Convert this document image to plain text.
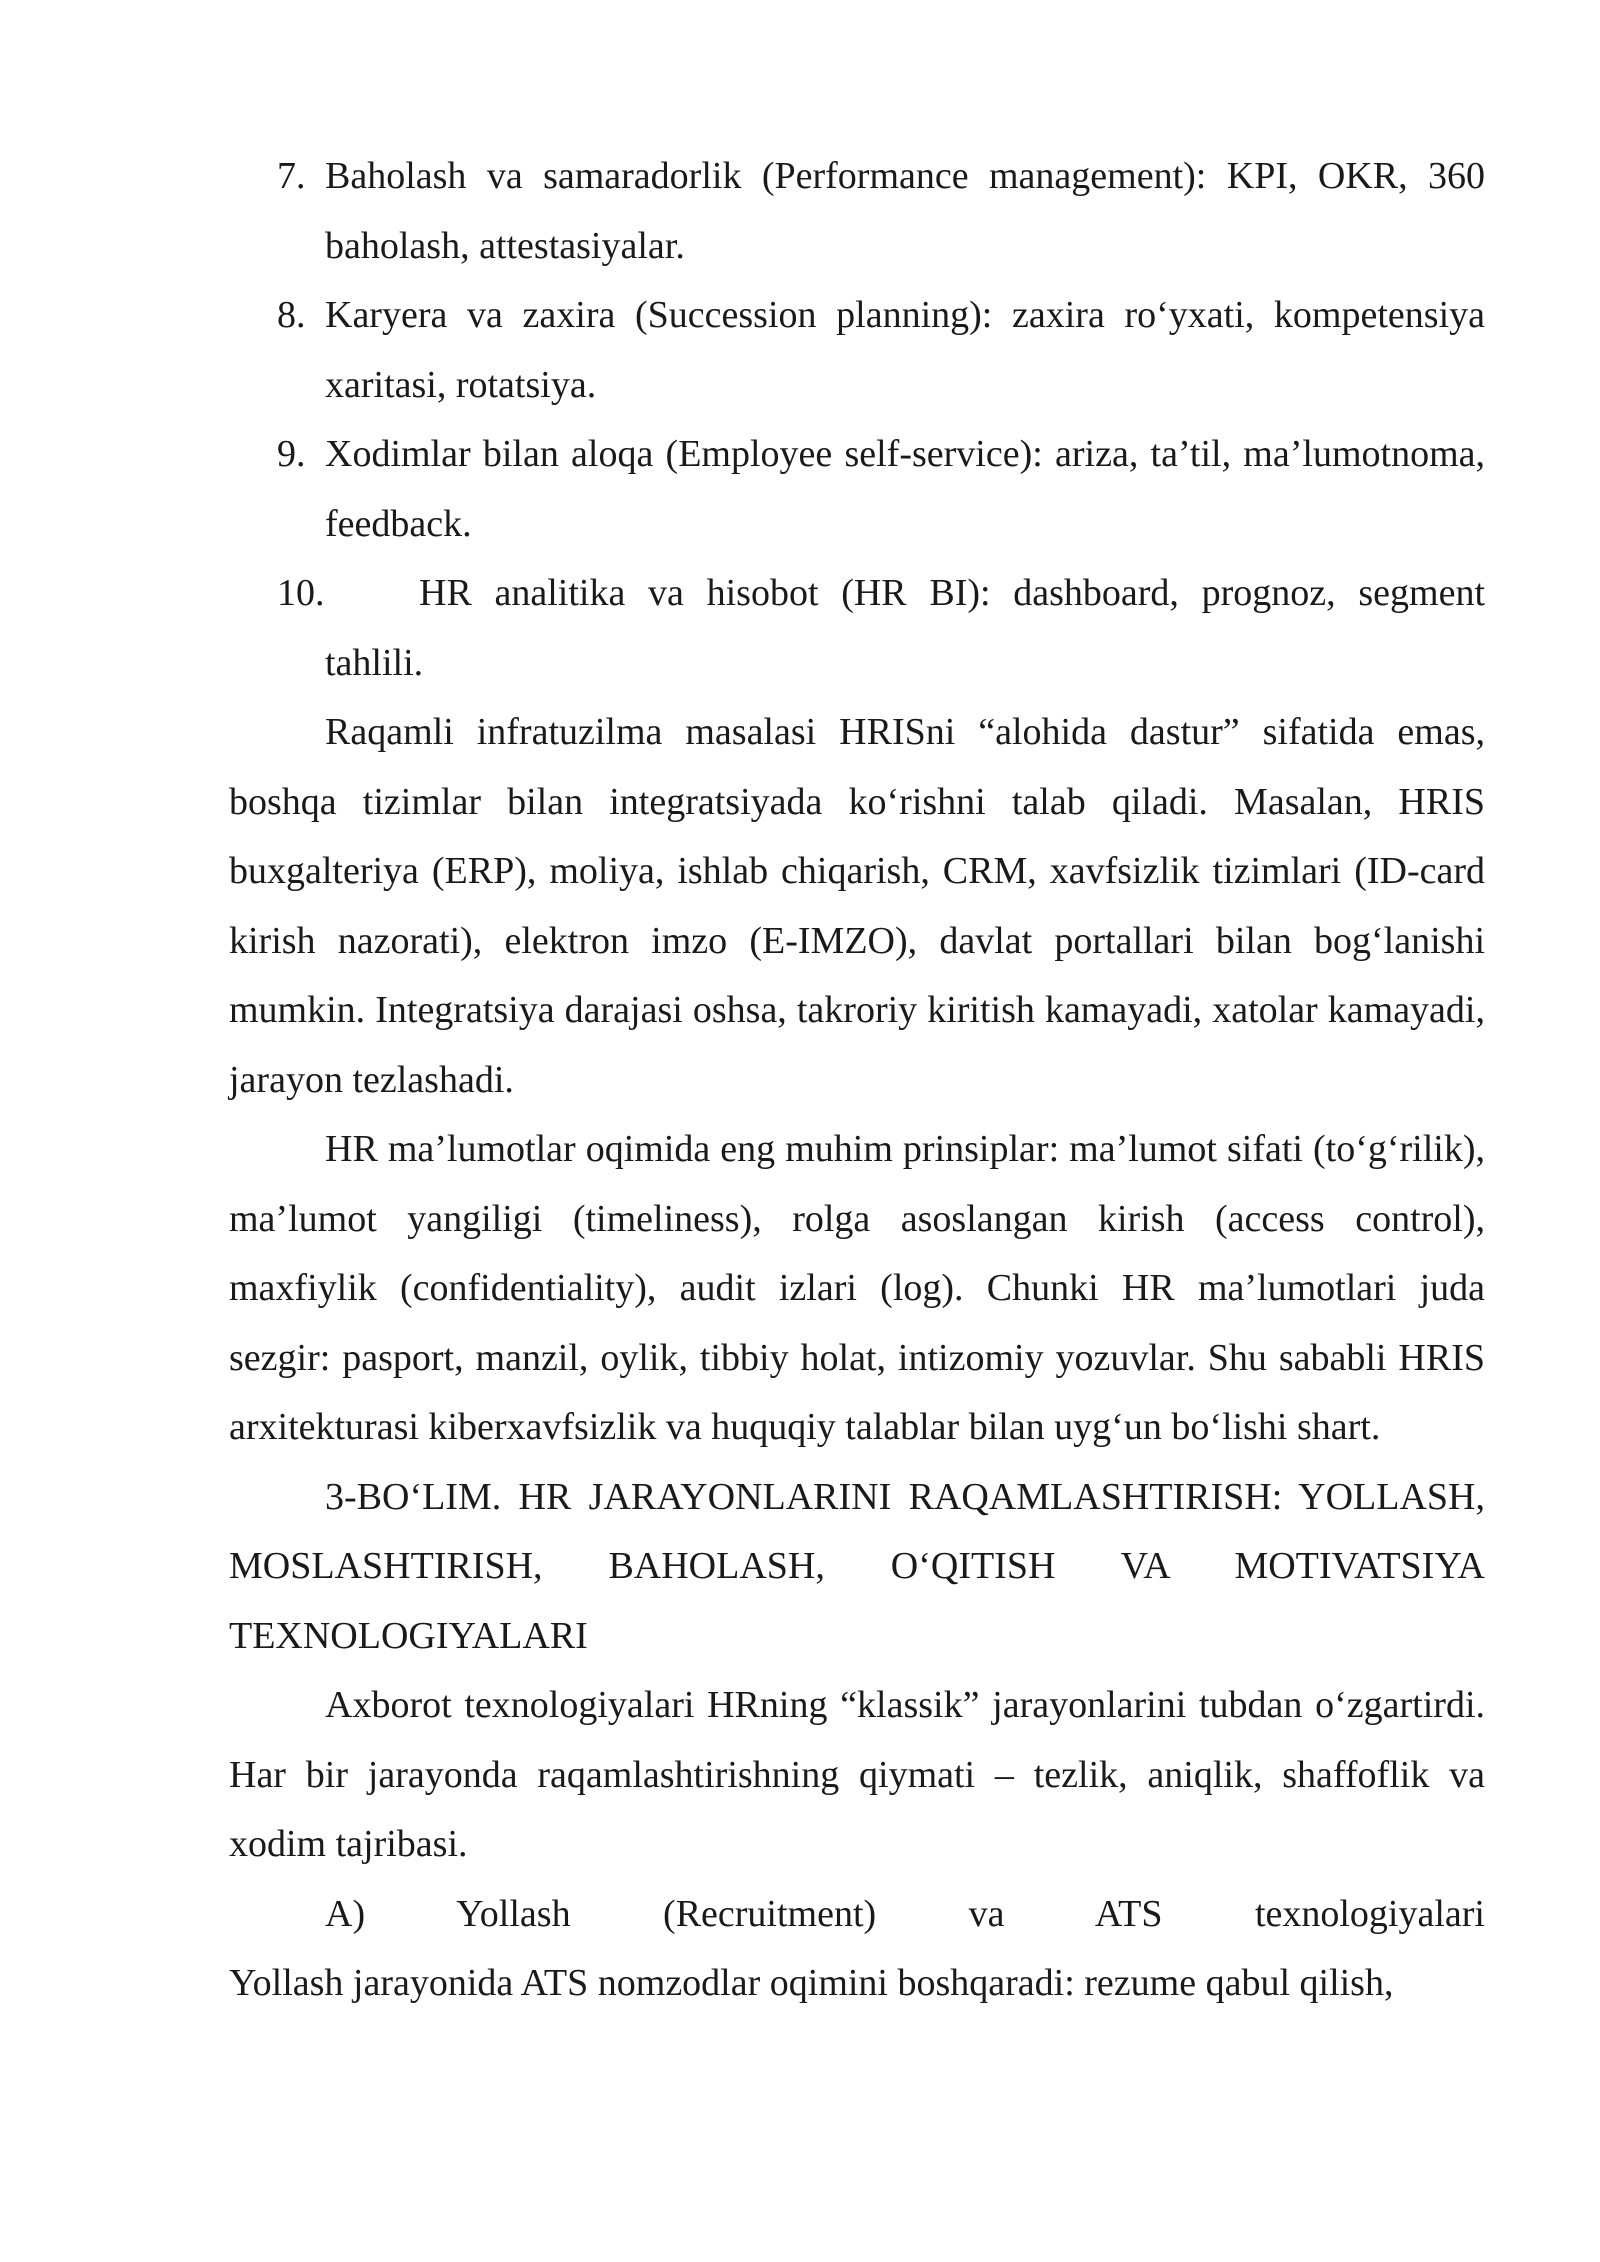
7. Baholash va samaradorlik (Performance management): KPI, OKR, 360 baholash, attestasiyalar.
8. Karyera va zaxira (Succession planning): zaxira ro‘yxati, kompetensiya xaritasi, rotatsiya.
9. Xodimlar bilan aloqa (Employee self-service): ariza, ta’til, ma’lumotnoma, feedback.
10. HR analitika va hisobot (HR BI): dashboard, prognoz, segment tahlili.
Raqamli infratuzilma masalasi HRISni “alohida dastur” sifatida emas, boshqa tizimlar bilan integratsiyada ko‘rishni talab qiladi. Masalan, HRIS buxgalteriya (ERP), moliya, ishlab chiqarish, CRM, xavfsizlik tizimlari (ID-card kirish nazorati), elektron imzo (E-IMZO), davlat portallari bilan bog‘lanishi mumkin. Integratsiya darajasi oshsa, takroriy kiritish kamayadi, xatolar kamayadi, jarayon tezlashadi.
HR ma’lumotlar oqimida eng muhim prinsiplar: ma’lumot sifati (to‘g‘rilik), ma’lumot yangiligi (timeliness), rolga asoslangan kirish (access control), maxfiylik (confidentiality), audit izlari (log). Chunki HR ma’lumotlari juda sezgir: pasport, manzil, oylik, tibbiy holat, intizomiy yozuvlar. Shu sababli HRIS arxitekturasi kiberxavfsizlik va huquqiy talablar bilan uyg‘un bo‘lishi shart.
3-BO‘LIM. HR JARAYONLARINI RAQAMLASHTIRISH: YOLLASH, MOSLASHTIRISH, BAHOLASH, O‘QITISH VA MOTIVATSIYA TEXNOLOGIYALARI
Axborot texnologiyalari HRning “klassik” jarayonlarini tubdan o‘zgartirdi. Har bir jarayonda raqamlashtirishning qiymati – tezlik, aniqlik, shaffoflik va xodim tajribasi.
A) Yollash (Recruitment) va ATS texnologiyalari
Yollash jarayonida ATS nomzodlar oqimini boshqaradi: rezume qabul qilish,
